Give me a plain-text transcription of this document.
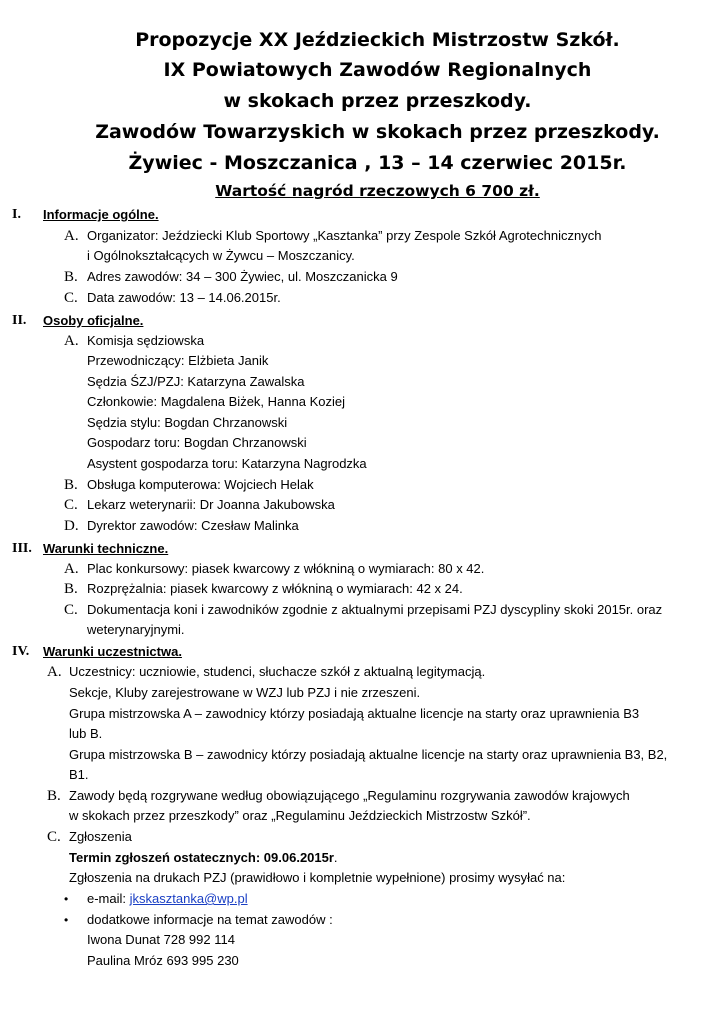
Propozycje XX Jeździeckich Mistrzostw Szkół.
IX Powiatowych Zawodów Regionalnych
w skokach przez przeszkody.
Zawodów Towarzyskich w skokach przez przeszkody.
Żywiec - Moszczanica , 13 – 14 czerwiec 2015r.
Wartość nagród rzeczowych 6 700 zł.
I. Informacje ogólne.
A. Organizator: Jeździecki Klub Sportowy „Kasztanka” przy Zespole Szkół Agrotechnicznych
i Ogólnokształcących w Żywcu – Moszczanicy.
B. Adres zawodów: 34 – 300 Żywiec, ul. Moszczanicka 9
C. Data zawodów: 13 – 14.06.2015r.
II. Osoby oficjalne.
A. Komisja sędziowska
Przewodniczący: Elżbieta Janik
Sędzia ŚZJ/PZJ: Katarzyna Zawalska
Członkowie: Magdalena Biżek, Hanna Koziej
Sędzia stylu: Bogdan Chrzanowski
Gospodarz toru: Bogdan Chrzanowski
Asystent gospodarza toru: Katarzyna Nagrodzka
B. Obsługa komputerowa: Wojciech Helak
C. Lekarz weterynarii: Dr Joanna Jakubowska
D. Dyrektor zawodów: Czesław Malinka
III. Warunki techniczne.
A. Plac konkursowy: piasek kwarcowy z włókniną o wymiarach: 80 x 42.
B. Rozprężalnia: piasek kwarcowy z włókniną o wymiarach: 42 x 24.
C. Dokumentacja koni i zawodników zgodnie z aktualnymi przepisami PZJ dyscypliny skoki 2015r. oraz
weterynaryjnymi.
IV. Warunki uczestnictwa.
A. Uczestnicy: uczniowie, studenci, słuchacze szkół z aktualną legitymacją.
Sekcje, Kluby zarejestrowane w WZJ lub PZJ i nie zrzeszeni.
Grupa mistrzowska A – zawodnicy którzy posiadają aktualne licencje na starty oraz uprawnienia B3
lub B.
Grupa mistrzowska B – zawodnicy którzy posiadają aktualne licencje na starty oraz uprawnienia B3, B2,
B1.
B. Zawody będą rozgrywane według obowiązującego „Regulaminu rozgrywania zawodów krajowych
w skokach przez przeszkody” oraz „Regulaminu Jeździeckich Mistrzostw Szkół”.
C. Zgłoszenia
Termin zgłoszeń ostatecznych: 09.06.2015r.
Zgłoszenia na drukach PZJ (prawidłowo i kompletnie wypełnione) prosimy wysyłać na:
• e-mail: jkskasztanka@wp.pl
• dodatkowe informacje na temat zawodów :
Iwona Dunat 728 992 114
Paulina Mróz 693 995 230
